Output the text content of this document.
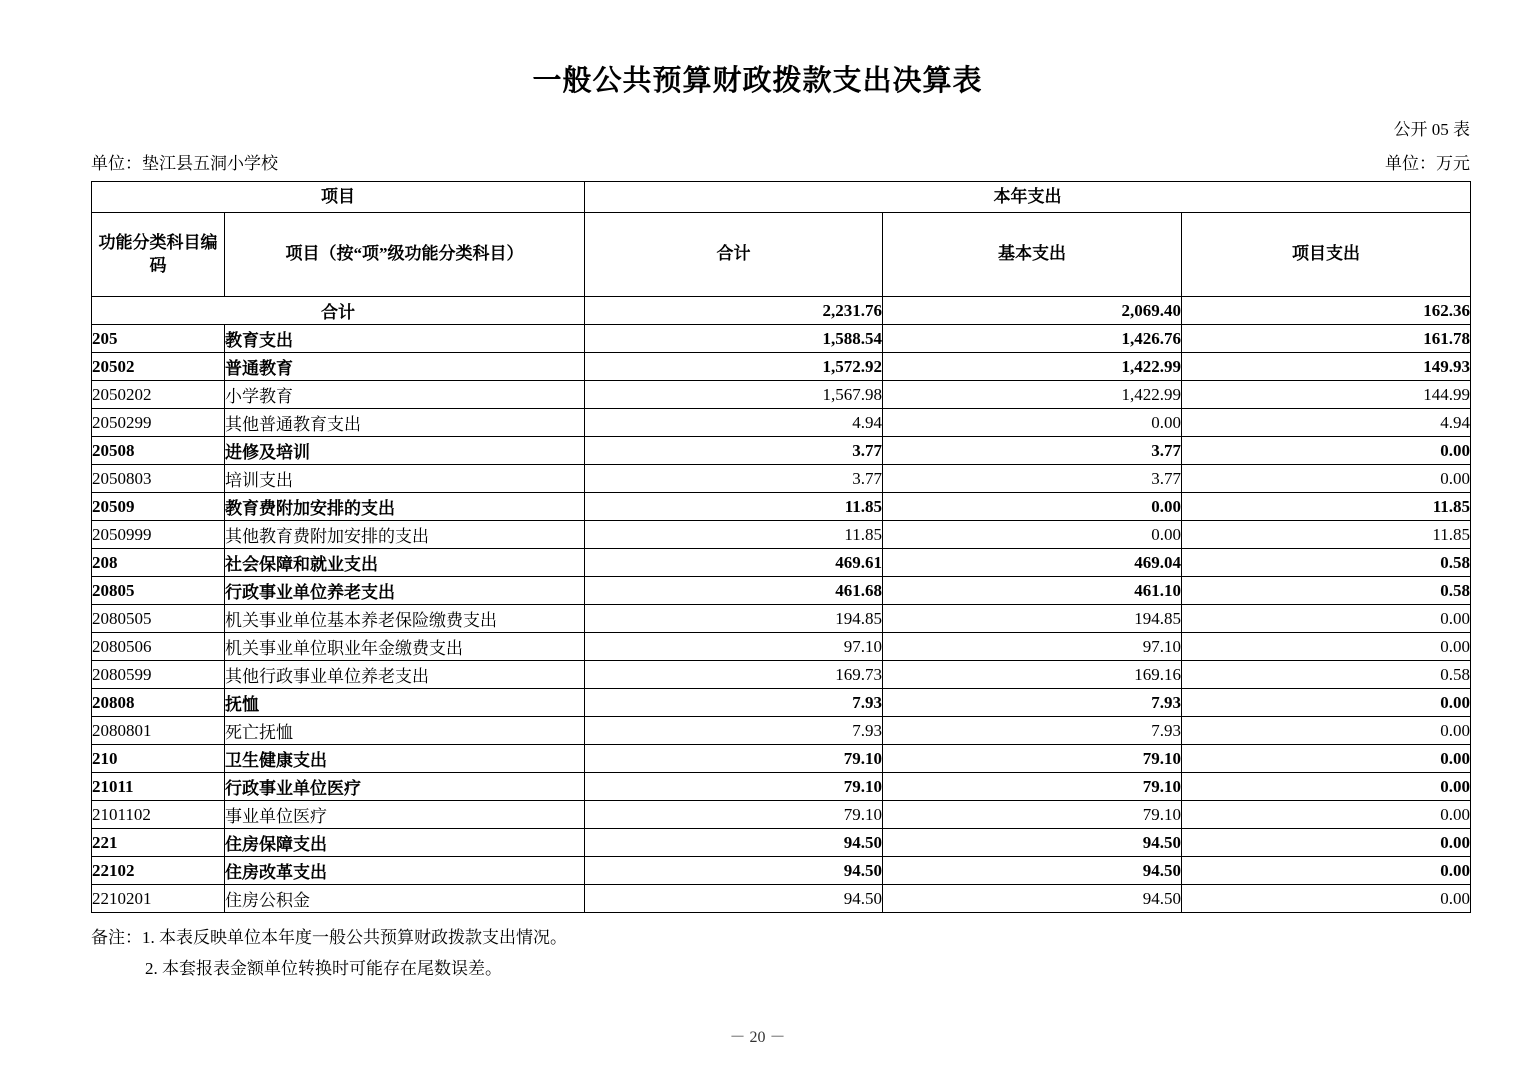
一般公共预算财政拨款支出决算表
公开 05 表
单位：垫江县五洞小学校	单位：万元
项目		本年支出		
功能分类科目编码	项目（按“项”级功能分类科目）	合计	基本支出	项目支出
合计		2,231.76	2,069.40	162.36
205	教育支出	1,588.54	1,426.76	161.78
20502	普通教育	1,572.92	1,422.99	149.93
2050202	小学教育	1,567.98	1,422.99	144.99
2050299	其他普通教育支出	4.94	0.00	4.94
20508	进修及培训	3.77	3.77	0.00
2050803	培训支出	3.77	3.77	0.00
20509	教育费附加安排的支出	11.85	0.00	11.85
2050999	其他教育费附加安排的支出	11.85	0.00	11.85
208	社会保障和就业支出	469.61	469.04	0.58
20805	行政事业单位养老支出	461.68	461.10	0.58
2080505	机关事业单位基本养老保险缴费支出	194.85	194.85	0.00
2080506	机关事业单位职业年金缴费支出	97.10	97.10	0.00
2080599	其他行政事业单位养老支出	169.73	169.16	0.58
20808	抚恤	7.93	7.93	0.00
2080801	死亡抚恤	7.93	7.93	0.00
210	卫生健康支出	79.10	79.10	0.00
21011	行政事业单位医疗	79.10	79.10	0.00
2101102	事业单位医疗	79.10	79.10	0.00
221	住房保障支出	94.50	94.50	0.00
22102	住房改革支出	94.50	94.50	0.00
2210201	住房公积金	94.50	94.50	0.00
备注：1. 本表反映单位本年度一般公共预算财政拨款支出情况。
2. 本套报表金额单位转换时可能存在尾数误差。
－ 20 －
